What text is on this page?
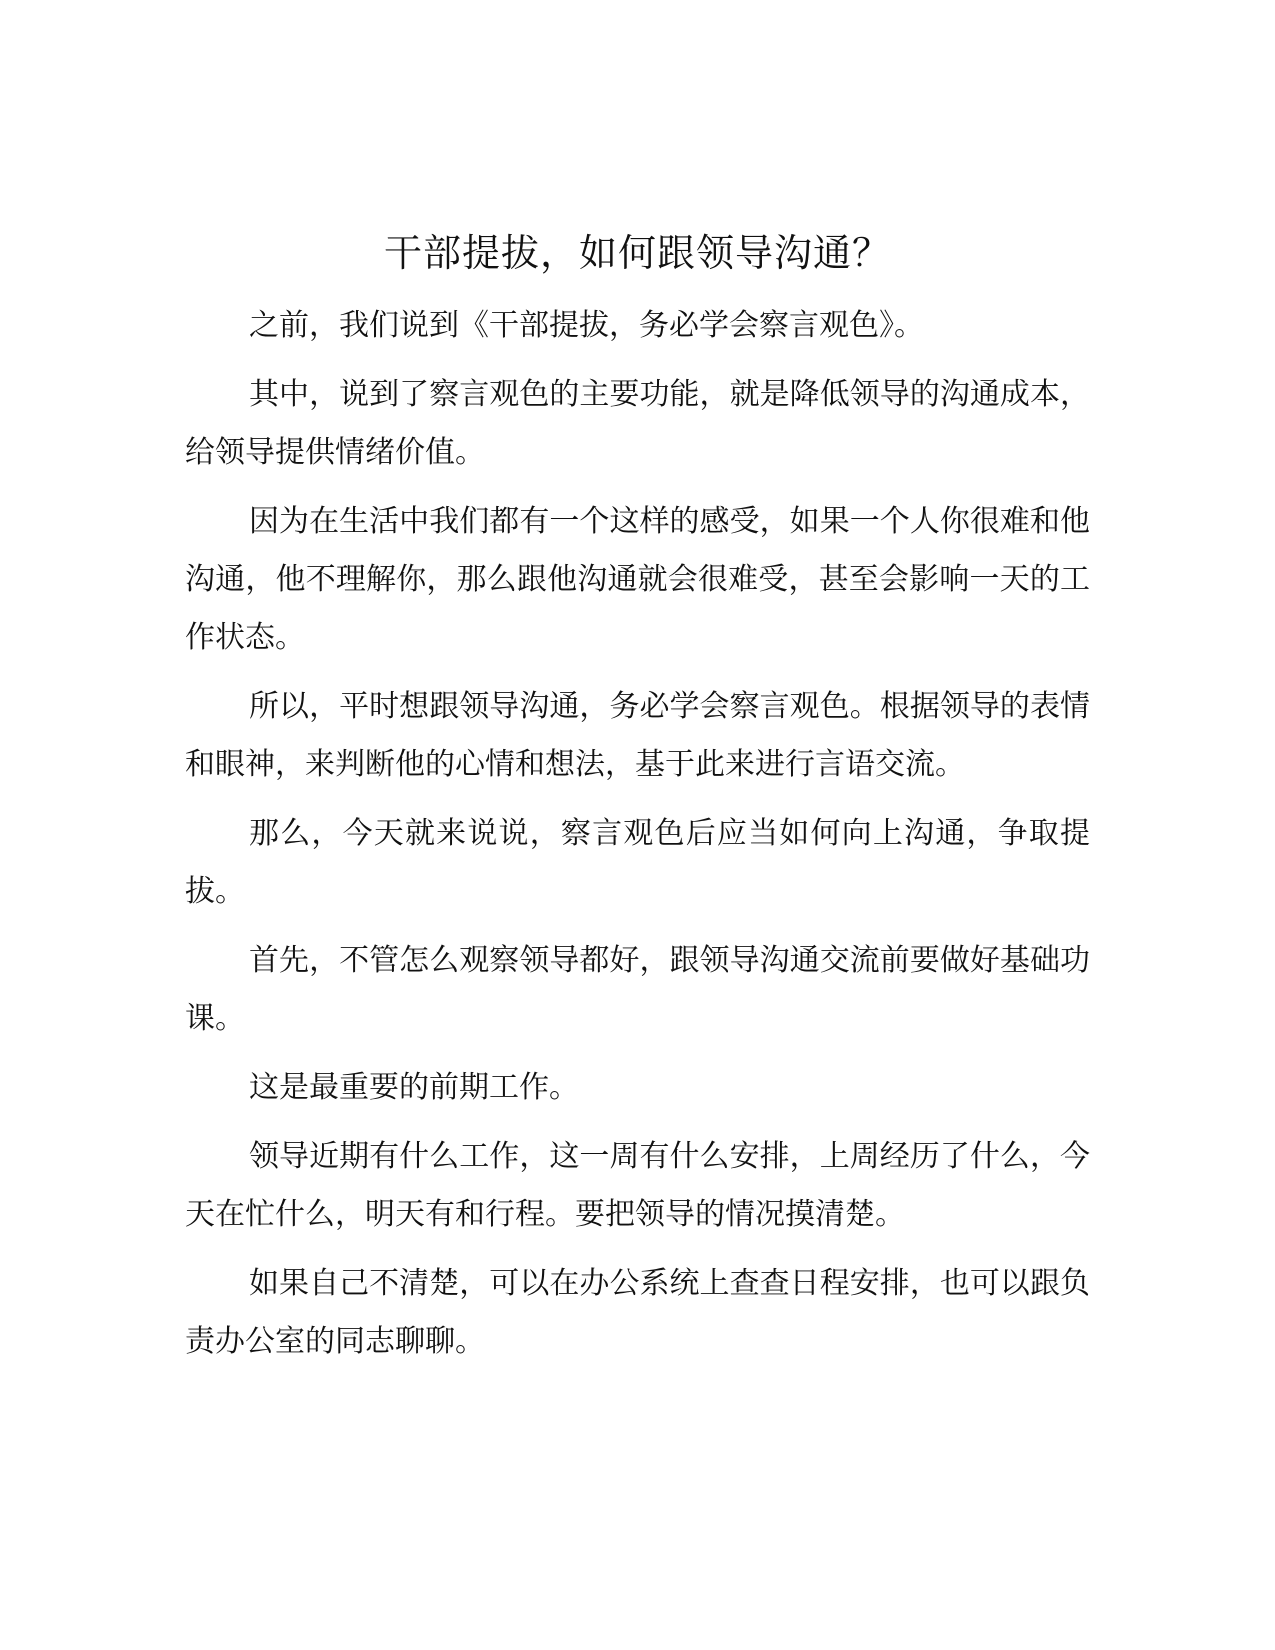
干部提拔，如何跟领导沟通？

之前，我们说到《干部提拔，务必学会察言观色》。

其中，说到了察言观色的主要功能，就是降低领导的沟通成本，给领导提供情绪价值。

因为在生活中我们都有一个这样的感受，如果一个人你很难和他沟通，他不理解你，那么跟他沟通就会很难受，甚至会影响一天的工作状态。

所以，平时想跟领导沟通，务必学会察言观色。根据领导的表情和眼神，来判断他的心情和想法，基于此来进行言语交流。

那么，今天就来说说，察言观色后应当如何向上沟通，争取提拔。

首先，不管怎么观察领导都好，跟领导沟通交流前要做好基础功课。

这是最重要的前期工作。

领导近期有什么工作，这一周有什么安排，上周经历了什么，今天在忙什么，明天有和行程。要把领导的情况摸清楚。

如果自己不清楚，可以在办公系统上查查日程安排，也可以跟负责办公室的同志聊聊。
